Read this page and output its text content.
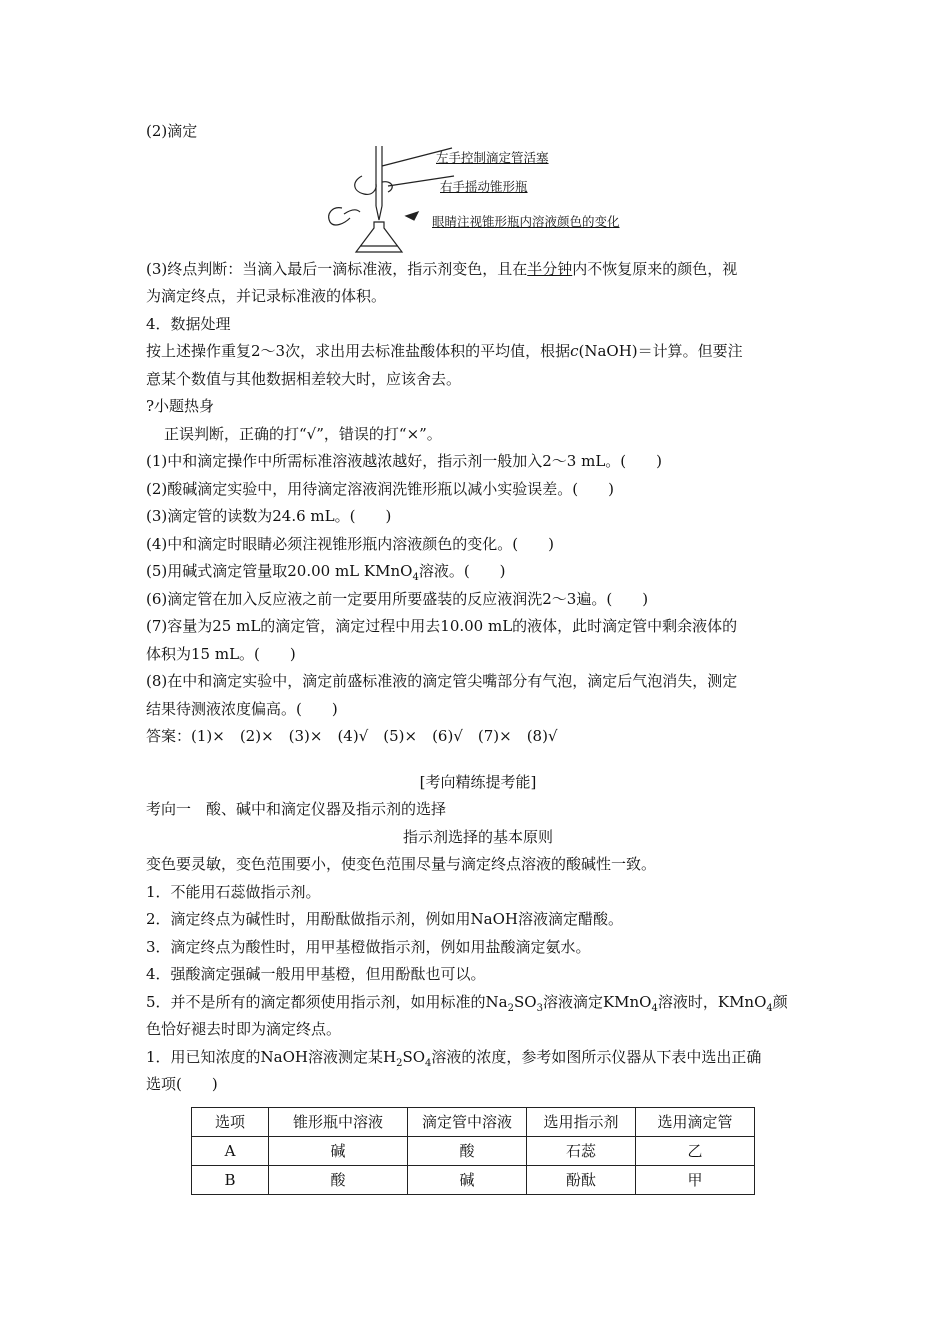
(2)滴定
左手控制滴定管活塞
右手摇动锥形瓶
眼睛注视锥形瓶内溶液颜色的变化
(3)终点判断：当滴入最后一滴标准液，指示剂变色，且在半分钟内不恢复原来的颜色，视
为滴定终点，并记录标准液的体积。
4．数据处理
按上述操作重复2～3次，求出用去标准盐酸体积的平均值，根据c(NaOH)＝计算。但要注
意某个数值与其他数据相差较大时，应该舍去。
?小题热身
正误判断，正确的打“√”，错误的打“×”。
(1)中和滴定操作中所需标准溶液越浓越好，指示剂一般加入2～3 mL。(　　)
(2)酸碱滴定实验中，用待滴定溶液润洗锥形瓶以减小实验误差。(　　)
(3)滴定管的读数为24.6 mL。(　　)
(4)中和滴定时眼睛必须注视锥形瓶内溶液颜色的变化。(　　)
(5)用碱式滴定管量取20.00 mL KMnO$_4$溶液。(　　)
(6)滴定管在加入反应液之前一定要用所要盛装的反应液润洗2～3遍。(　　)
(7)容量为25 mL的滴定管，滴定过程中用去10.00 mL的液体，此时滴定管中剩余液体的
体积为15 mL。(　　)
(8)在中和滴定实验中，滴定前盛标准液的滴定管尖嘴部分有气泡，滴定后气泡消失，测定
结果待测液浓度偏高。(　　)
答案：(1)×　(2)×　(3)×　(4)√　(5)×　(6)√　(7)×　(8)√
[考向精练提考能]
考向一　酸、碱中和滴定仪器及指示剂的选择
指示剂选择的基本原则
变色要灵敏，变色范围要小，使变色范围尽量与滴定终点溶液的酸碱性一致。
1．不能用石蕊做指示剂。
2．滴定终点为碱性时，用酚酞做指示剂，例如用NaOH溶液滴定醋酸。
3．滴定终点为酸性时，用甲基橙做指示剂，例如用盐酸滴定氨水。
4．强酸滴定强碱一般用甲基橙，但用酚酞也可以。
5．并不是所有的滴定都须使用指示剂，如用标准的$Na_2SO_3$溶液滴定KMnO$_4$溶液时，KMnO$_4$颜
色恰好褪去时即为滴定终点。
1．用已知浓度的NaOH溶液测定某$H_2SO_4$溶液的浓度，参考如图所示仪器从下表中选出正确
选项(　　)
选项	锥形瓶中溶液	滴定管中溶液	选用指示剂	选用滴定管
A	碱	酸	石蕊	乙
B	酸	碱	酚酞	甲
